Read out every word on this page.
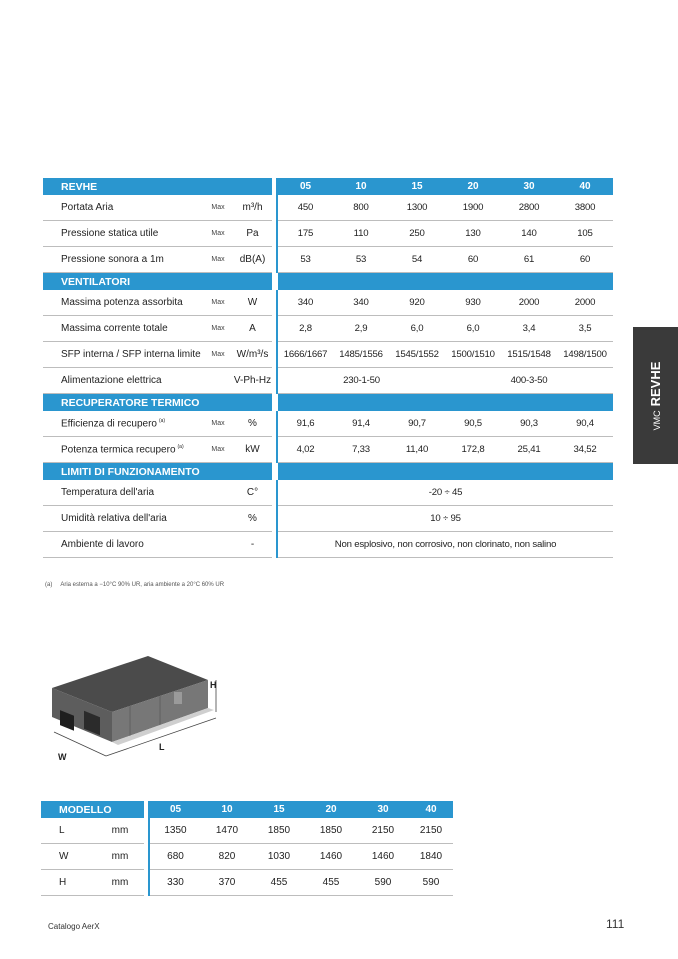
REVHE				05	10	15	20	30	40
Portata Aria	Max	m³/h		450	800	1300	1900	2800	3800
Pressione statica utile	Max	Pa		175	110	250	130	140	105
Pressione sonora a 1m	Max	dB(A)		53	53	54	60	61	60
VENTILATORI									
Massima potenza assorbita	Max	W		340	340	920	930	2000	2000
Massima corrente totale	Max	A		2,8	2,9	6,0	6,0	3,4	3,5
SFP interna / SFP interna limite	Max	W/m³/s		1666/1667	1485/1556	1545/1552	1500/1510	1515/1548	1498/1500
Alimentazione elettrica		V-Ph-Hz		230-1-50			400-3-50		
RECUPERATORE TERMICO									
Efficienza di recupero $^{(a)}$	Max	%		91,6	91,4	90,7	90,5	90,3	90,4
Potenza termica recupero $^{(a)}$	Max	kW		4,02	7,33	11,40	172,8	25,41	34,52
LIMITI DI FUNZIONAMENTO									
Temperatura dell'aria		C°		-20 ÷ 45					
Umidità relativa dell'aria		%		10 ÷ 95					
Ambiente di lavoro		-		Non esplosivo, non corrosivo, non clorinato, non salino					
(a) Aria esterna a −10°C 90% UR, aria ambiente a 20°C 60% UR
VMCREVHE
H
W
L
MODELLO			05	10	15	20	30	40
L	mm		1350	1470	1850	1850	2150	2150
W	mm		680	820	1030	1460	1460	1840
H	mm		330	370	455	455	590	590
Catalogo AerX	111
